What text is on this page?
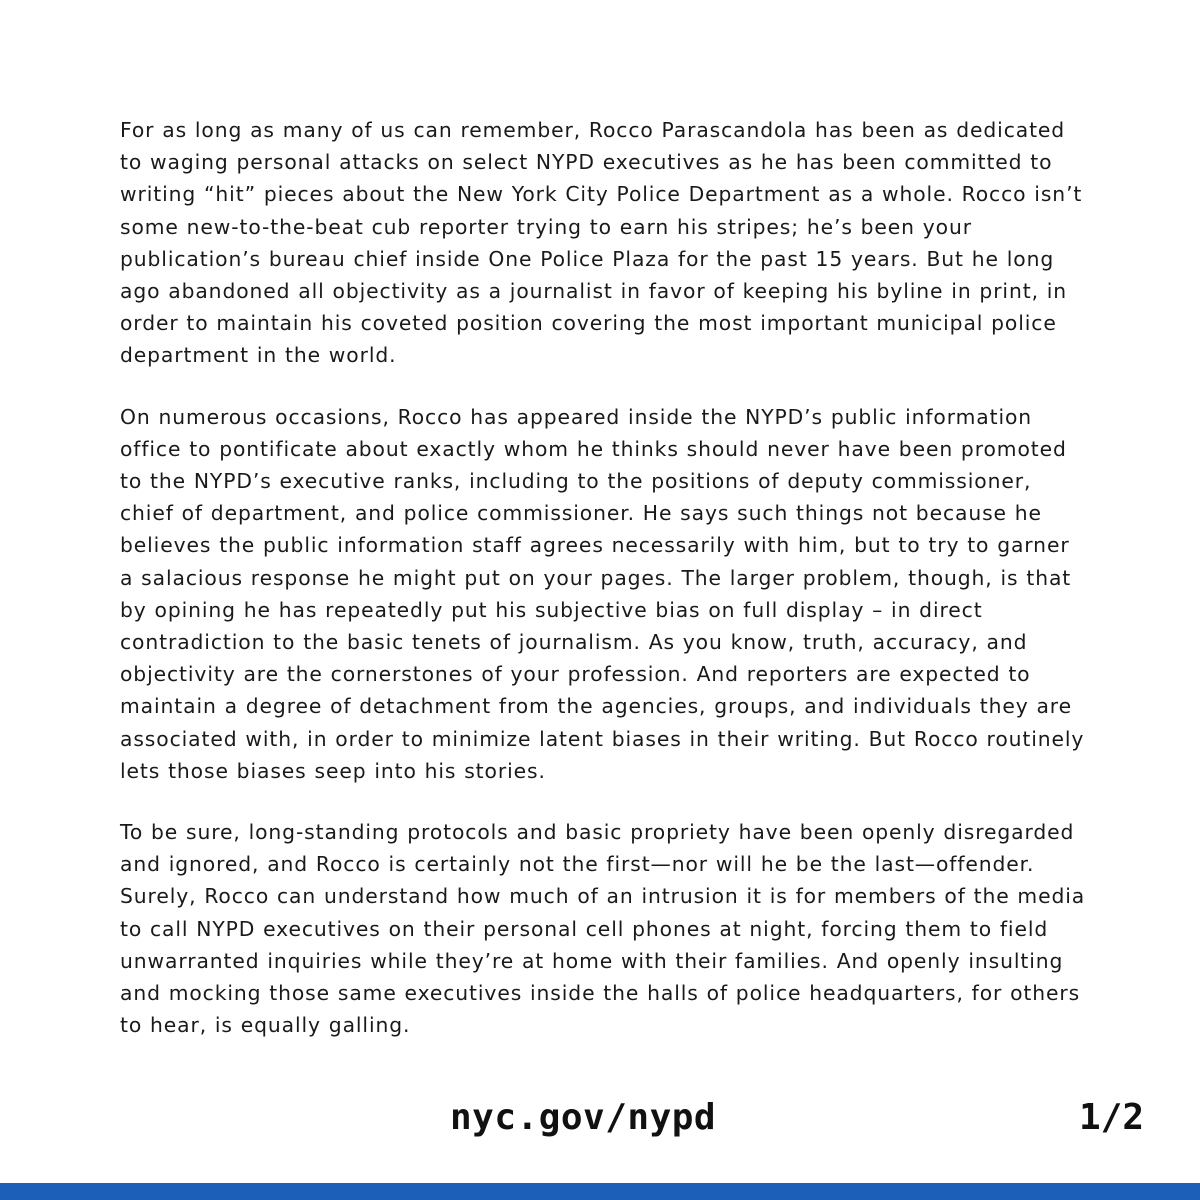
For as long as many of us can remember, Rocco Parascandola has been as dedicated to waging personal attacks on select NYPD executives as he has been committed to writing “hit” pieces about the New York City Police Department as a whole. Rocco isn’t some new-to-the-beat cub reporter trying to earn his stripes; he’s been your publication’s bureau chief inside One Police Plaza for the past 15 years. But he long ago abandoned all objectivity as a journalist in favor of keeping his byline in print, in order to maintain his coveted position covering the most important municipal police department in the world.

On numerous occasions, Rocco has appeared inside the NYPD’s public information office to pontificate about exactly whom he thinks should never have been promoted to the NYPD’s executive ranks, including to the positions of deputy commissioner, chief of department, and police commissioner. He says such things not because he believes the public information staff agrees necessarily with him, but to try to garner a salacious response he might put on your pages. The larger problem, though, is that by opining he has repeatedly put his subjective bias on full display – in direct contradiction to the basic tenets of journalism. As you know, truth, accuracy, and objectivity are the cornerstones of your profession. And reporters are expected to maintain a degree of detachment from the agencies, groups, and individuals they are associated with, in order to minimize latent biases in their writing. But Rocco routinely lets those biases seep into his stories.

To be sure, long-standing protocols and basic propriety have been openly disregarded and ignored, and Rocco is certainly not the first—nor will he be the last—offender. Surely, Rocco can understand how much of an intrusion it is for members of the media to call NYPD executives on their personal cell phones at night, forcing them to field unwarranted inquiries while they’re at home with their families. And openly insulting and mocking those same executives inside the halls of police headquarters, for others to hear, is equally galling.

nyc.gov/nypd	1/2
